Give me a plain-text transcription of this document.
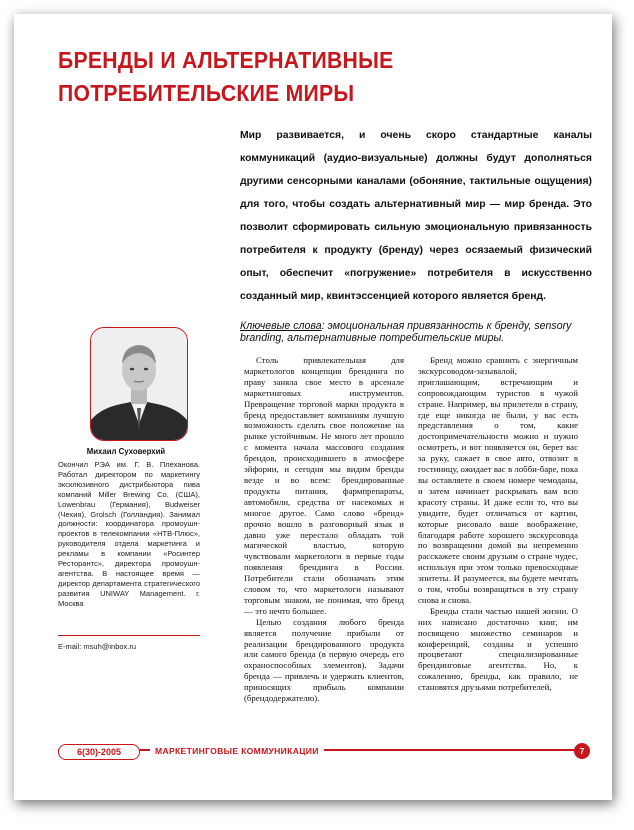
БРЕНДЫ И АЛЬТЕРНАТИВНЫЕ
ПОТРЕБИТЕЛЬСКИЕ МИРЫ
Мир развивается, и очень скоро стандартные каналы коммуникаций (аудио-визуальные) должны будут дополняться другими сенсорными каналами (обоняние, тактильные ощущения) для того, чтобы создать альтернативный мир — мир бренда. Это позволит сформировать сильную эмоциональную привязанность потребителя к продукту (бренду) через осязаемый физический опыт, обеспечит «погружение» потребителя в искусственно созданный мир, квинтэссенцией которого является бренд.
Ключевые слова: эмоциональная привязанность к бренду, sensory branding, альтернативные потребительские миры.
Михаил Суховерхий
Окончил РЭА им. Г. В. Плеханова. Работал директором по маркетингу эксклюзивного дистрибьютора пива компаний Miller Brewing Co. (США), Lowenbrau (Германия), Budweiser (Чехия), Grolsch (Голландия). Занимал должности: координатора промоушн-проектов в телекомпании «НТВ-Плюс», руководителя отдела маркетинга и рекламы в компании «Росинтер Ресторантс», директора промоушн-агентства. В настоящее время — директор департамента стратегического развития UNIWAY Management. г. Москва
E-mail: msuh@inbox.ru

Столь привлекательная для маркетологов концепция брендинга по праву заняла свое место в арсенале маркетинговых инструментов. Превращение торговой марки продукта в бренд предоставляет компаниям лучшую возможность сделать свое положение на рынке устойчивым. Не много лет прошло с момента начала массового создания брендов, происходившего в атмосфере эйфории, и сегодня мы видим бренды везде и во всем: брендированные продукты питания, фармпрепараты, автомобили, средства от насекомых и многое другое. Само слово «бренд» прочно вошло в разговорный язык и давно уже перестало обладать той магической властью, которую чувствовали маркетологи в первые годы появления брендинга в России. Потребители стали обозначать этим словом то, что маркетологи называют торговым знаком, не понимая, что бренд — это нечто большее.

Целью создания любого бренда является получение прибыли от реализации брендированного продукта или самого бренда (в первую очередь его охраноспособных элементов). Задачи бренда — привлечь и удержать клиентов, приносящих прибыль компании (брендодержателю).

Бренд можно сравнить с энергичным экскурсоводом-зазывалой, приглашающим, встречающим и сопровождающим туристов в чужой стране. Например, вы прилетели в страну, где еще никогда не были, у вас есть представления о том, какие достопримечательности можно и нужно осмотреть, и вот появляется он, берет вас за руку, сажает в свое авто, отвозит в гостиницу, ожидает вас в лобби-баре, пока вы оставляете в своем номере чемоданы, и затем начинает раскрывать вам всю красоту страны. И даже если то, что вы увидите, будет отличаться от картин, которые рисовало ваше воображение, благодаря работе хорошего экскурсовода по возвращении домой вы непременно расскажете своим друзьям о стране чудес, используя при этом только превосходные эпитеты. И разумеется, вы будете мечтать о том, чтобы возвращаться в эту страну снова и снова.

Бренды стали частью нашей жизни. О них написано достаточно книг, им посвящено множество семинаров и конференций, созданы и успешно процветают специализированные брендинговые агентства. Но, к сожалению, бренды, как правило, не становятся друзьями потребителей,

6(30)-2005	МАРКЕТИНГОВЫЕ КОММУНИКАЦИИ	7
